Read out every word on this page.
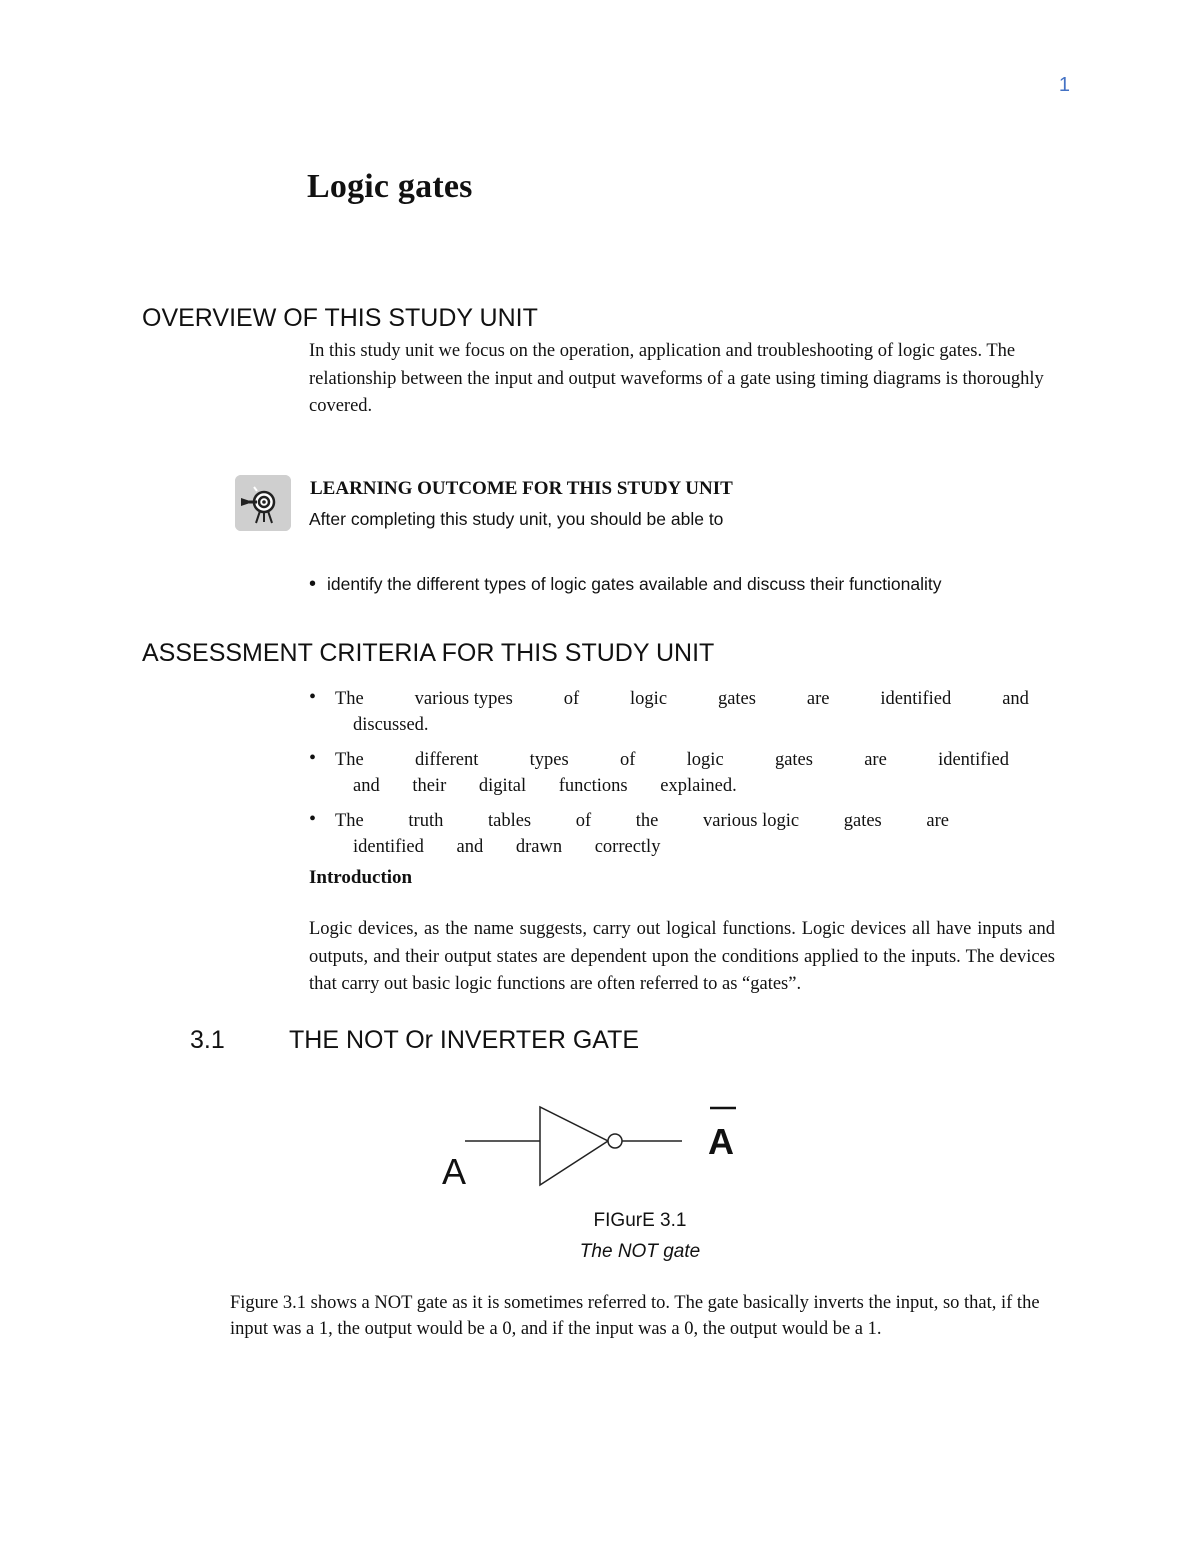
1
Logic gates
OVERVIEW OF THIS STUDY UNIT
In this study unit we focus on the operation, application and troubleshooting of logic gates. The relationship between the input and output waveforms of a gate using timing diagrams is thoroughly covered.
LEARNING OUTCOME FOR THIS STUDY UNIT
After completing this study unit, you should be able to
• identify the different types of logic gates available and discuss their functionality
ASSESSMENT CRITERIA FOR THIS STUDY UNIT
• The	various types	of	logic	gates	are	identified	and
discussed.
• The	different	types	of	logic	gates	are	identified
and their digital functions explained.
• The truth tables of the various logic gates are
identified and drawn correctly
Introduction
Logic devices, as the name suggests, carry out logical functions. Logic devices all have inputs and outputs, and their output states are dependent upon the conditions applied to the inputs. The devices that carry out basic logic functions are often referred to as “gates”.
3.1	THE NOT Or INVERTER GATE
A
A
FIGurE 3.1
The NOT gate
Figure 3.1 shows a NOT gate as it is sometimes referred to. The gate basically inverts the input, so that, if the input was a 1, the output would be a 0, and if the input was a 0, the output would be a 1.
